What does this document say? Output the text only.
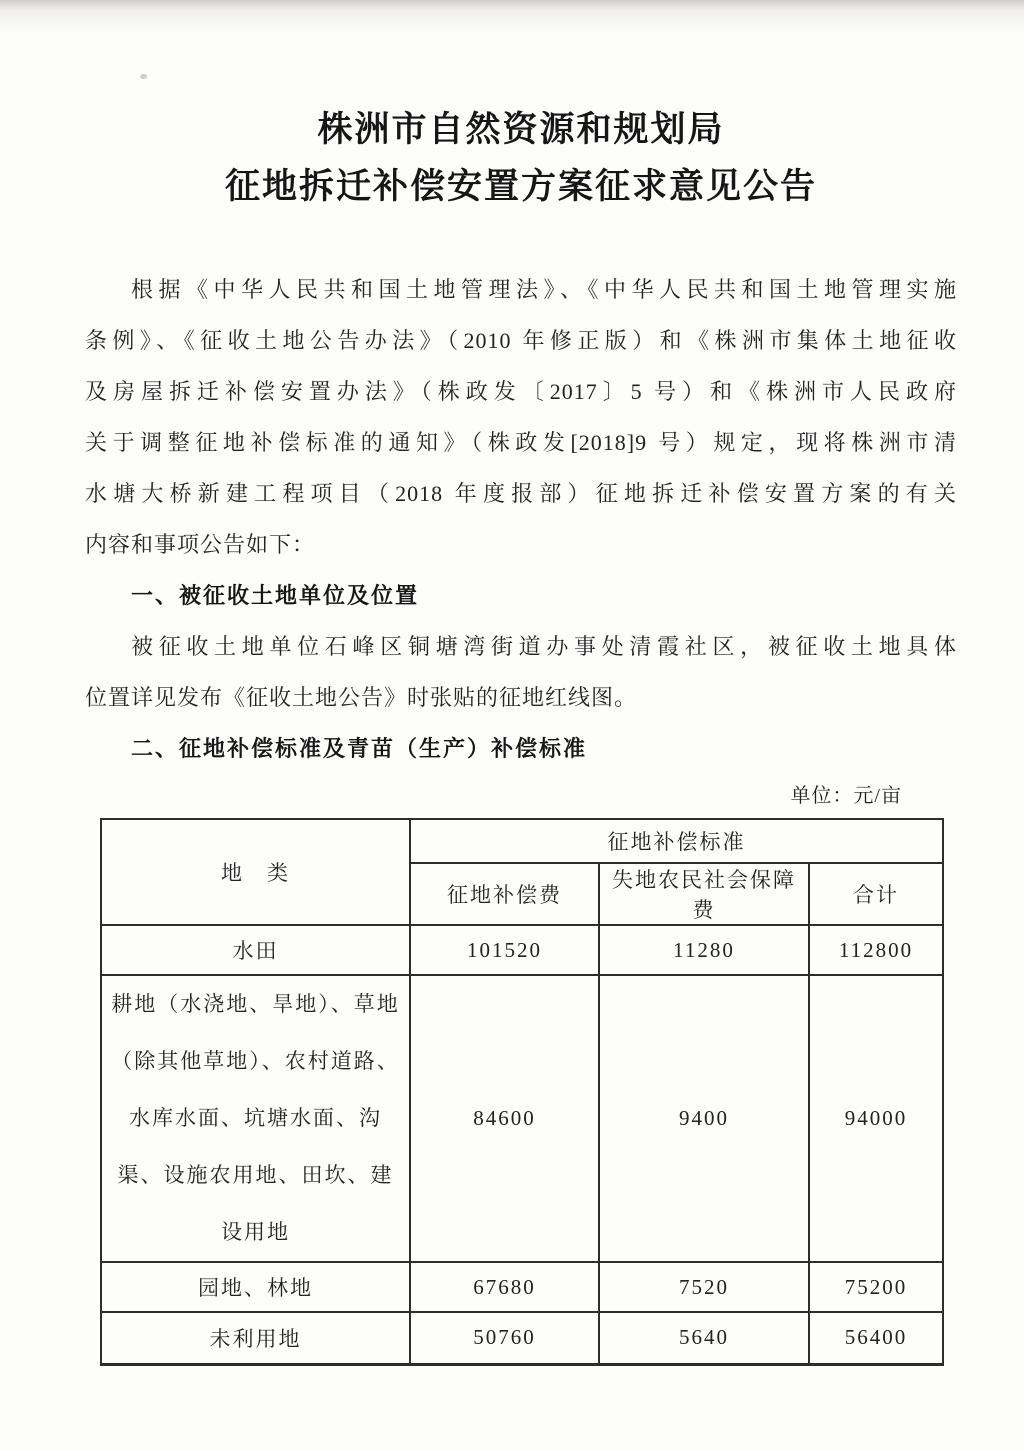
株洲市自然资源和规划局
征地拆迁补偿安置方案征求意见公告
根据《中华人民共和国土地管理法》、《中华人民共和国土地管理实施
条例》、《征收土地公告办法》（2010 年修正版）和《株洲市集体土地征收
及房屋拆迁补偿安置办法》（株政发〔2017〕5 号）和《株洲市人民政府
关于调整征地补偿标准的通知》（株政发[2018]9 号）规定，现将株洲市清
水塘大桥新建工程项目（2018 年度报部）征地拆迁补偿安置方案的有关
内容和事项公告如下：
一、被征收土地单位及位置
被征收土地单位石峰区铜塘湾街道办事处清霞社区，被征收土地具体
位置详见发布《征收土地公告》时张贴的征地红线图。
二、征地补偿标准及青苗（生产）补偿标准
单位：元/亩
地　类	征地补偿标准		
	征地补偿费	失地农民社会保障费	合计
水田	101520	11280	112800
耕地（水浇地、旱地）、草地（除其他草地）、农村道路、水库水面、坑塘水面、沟渠、设施农用地、田坎、建设用地	84600	9400	94000
园地、林地	67680	7520	75200
未利用地	50760	5640	56400
